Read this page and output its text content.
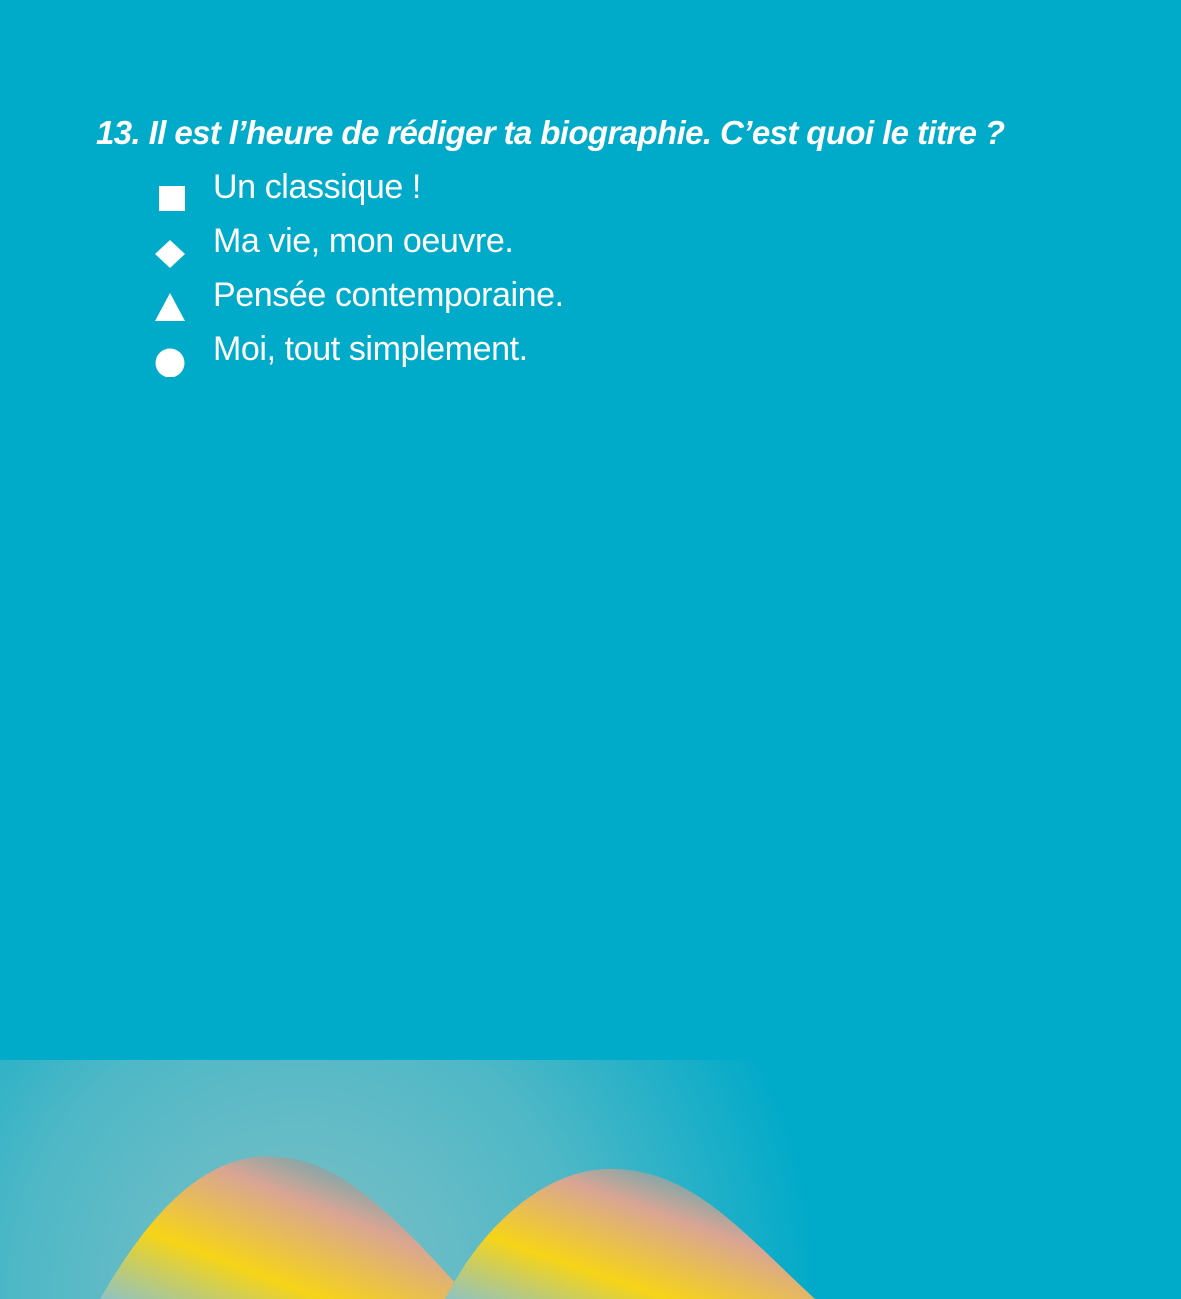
13. Il est l’heure de rédiger ta biographie. C’est quoi le titre ?
Un classique !
Ma vie, mon oeuvre.
Pensée contemporaine.
Moi, tout simplement.
